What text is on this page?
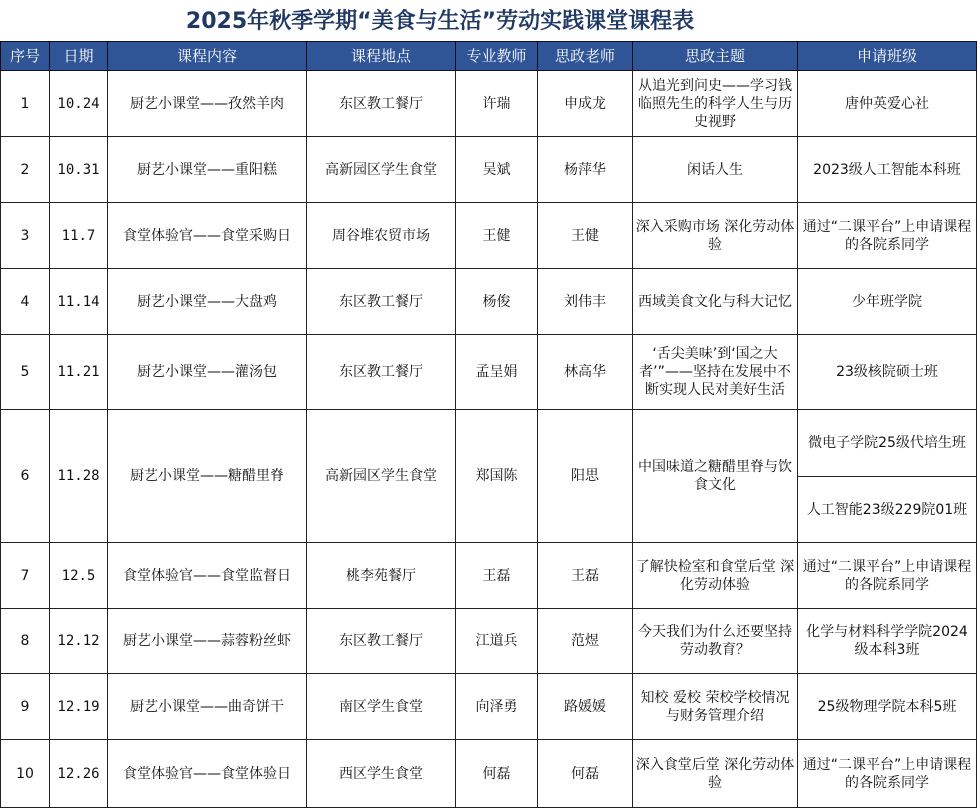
2025年秋季学期“美食与生活”劳动实践课堂课程表
序号	日期	课程内容	课程地点	专业教师	思政老师	思政主题	申请班级
1	10.24	厨艺小课堂——孜然羊肉	东区教工餐厅	许瑞	申成龙	从追光到问史——学习钱临照先生的科学人生与历史视野	唐仲英爱心社
2	10.31	厨艺小课堂——重阳糕	高新园区学生食堂	吴斌	杨萍华	闲话人生	2023级人工智能本科班
3	11.7	食堂体验官——食堂采购日	周谷堆农贸市场	王健	王健	深入采购市场 深化劳动体验	通过“二课平台”上申请课程的各院系同学
4	11.14	厨艺小课堂——大盘鸡	东区教工餐厅	杨俊	刘伟丰	西域美食文化与科大记忆	少年班学院
5	11.21	厨艺小课堂——灌汤包	东区教工餐厅	孟呈娟	林高华	‘舌尖美味’到‘国之大者’”——坚持在发展中不断实现人民对美好生活	23级核院硕士班
6	11.28	厨艺小课堂——糖醋里脊	高新园区学生食堂	郑国陈	阳思	中国味道之糖醋里脊与饮食文化	微电子学院25级代培生班
							人工智能23级229院01班
7	12.5	食堂体验官——食堂监督日	桃李苑餐厅	王磊	王磊	了解快检室和食堂后堂 深化劳动体验	通过“二课平台”上申请课程的各院系同学
8	12.12	厨艺小课堂——蒜蓉粉丝虾	东区教工餐厅	江道兵	范煜	今天我们为什么还要坚持劳动教育？	化学与材料科学学院2024级本科3班
9	12.19	厨艺小课堂——曲奇饼干	南区学生食堂	向泽勇	路媛媛	知校 爱校 荣校学校情况与财务管理介绍	25级物理学院本科5班
10	12.26	食堂体验官——食堂体验日	西区学生食堂	何磊	何磊	深入食堂后堂 深化劳动体验	通过“二课平台”上申请课程的各院系同学
